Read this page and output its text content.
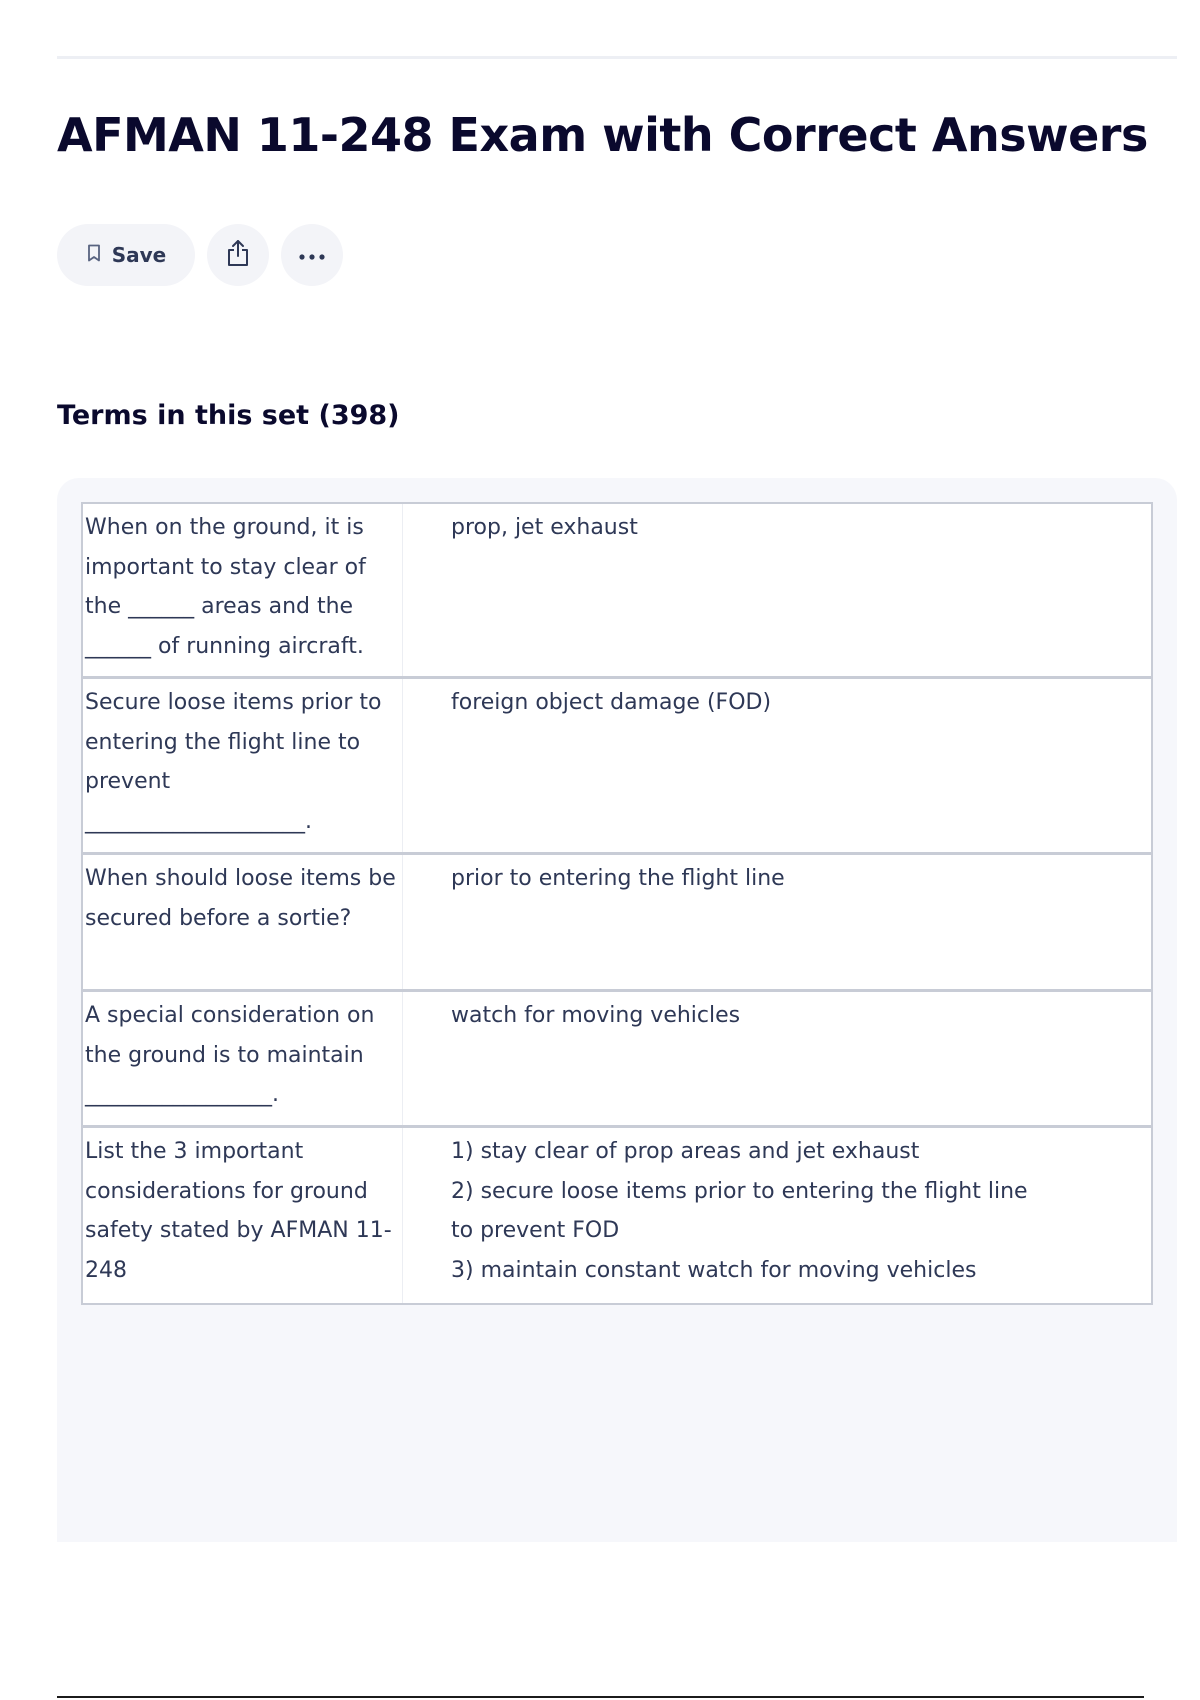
AFMAN 11-248 Exam with Correct Answers
Save
Terms in this set (398)
When on the ground, it is important to stay clear of the ______ areas and the ______ of running aircraft.
prop, jet exhaust
Secure loose items prior to entering the flight line to prevent ____________________.
foreign object damage (FOD)
When should loose items be secured before a sortie?
prior to entering the flight line
A special consideration on the ground is to maintain _________________.
watch for moving vehicles
List the 3 important considerations for ground safety stated by AFMAN 11-248
1) stay clear of prop areas and jet exhaust
2) secure loose items prior to entering the flight line
to prevent FOD
3) maintain constant watch for moving vehicles
